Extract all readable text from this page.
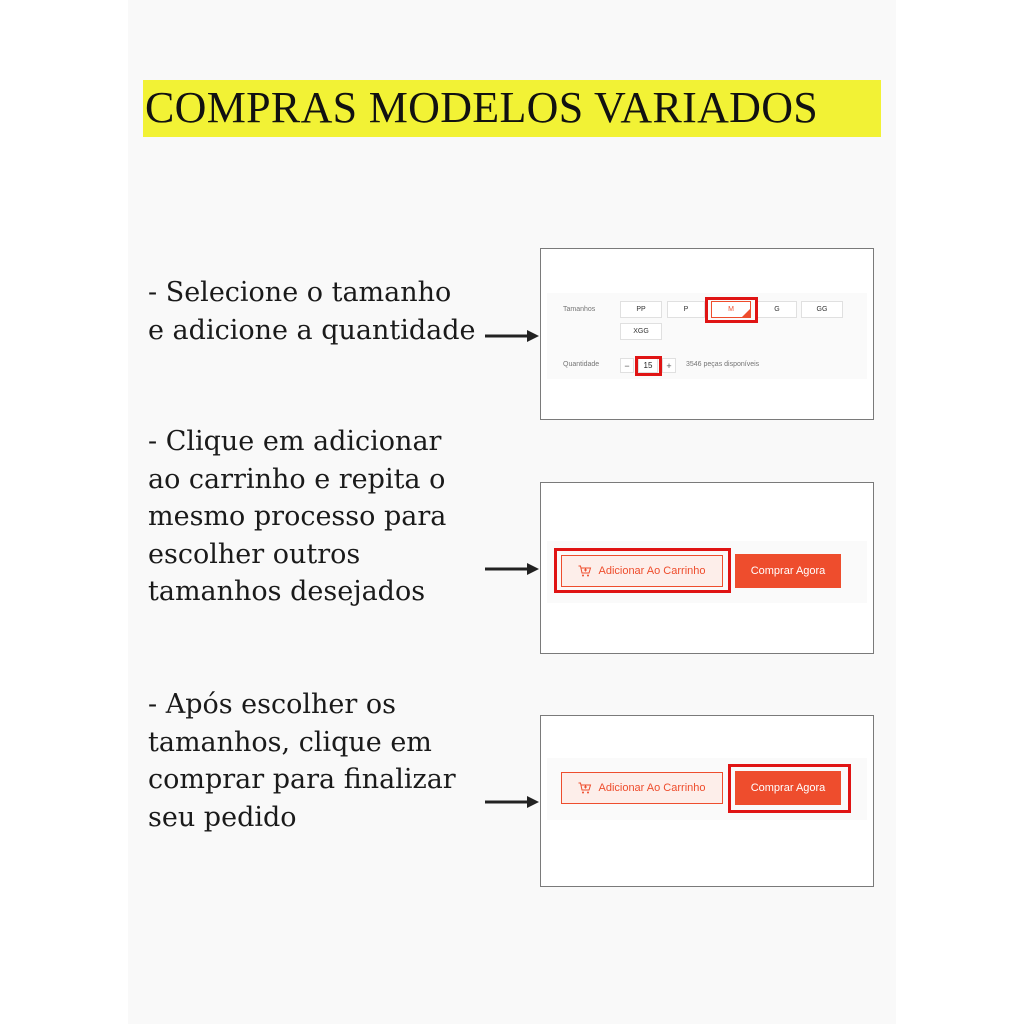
COMPRAS MODELOS VARIADOS

- Selecione o tamanho
e adicione a quantidade

Tamanhos	PP	P	M	G	GG
XGG
Quantidade	−	15	+	3546 peças disponíveis

- Clique em adicionar
ao carrinho e repita o
mesmo processo para
escolher outros
tamanhos desejados

Adicionar Ao Carrinho	Comprar Agora

- Após escolher os
tamanhos, clique em
comprar para finalizar
seu pedido

Adicionar Ao Carrinho	Comprar Agora
